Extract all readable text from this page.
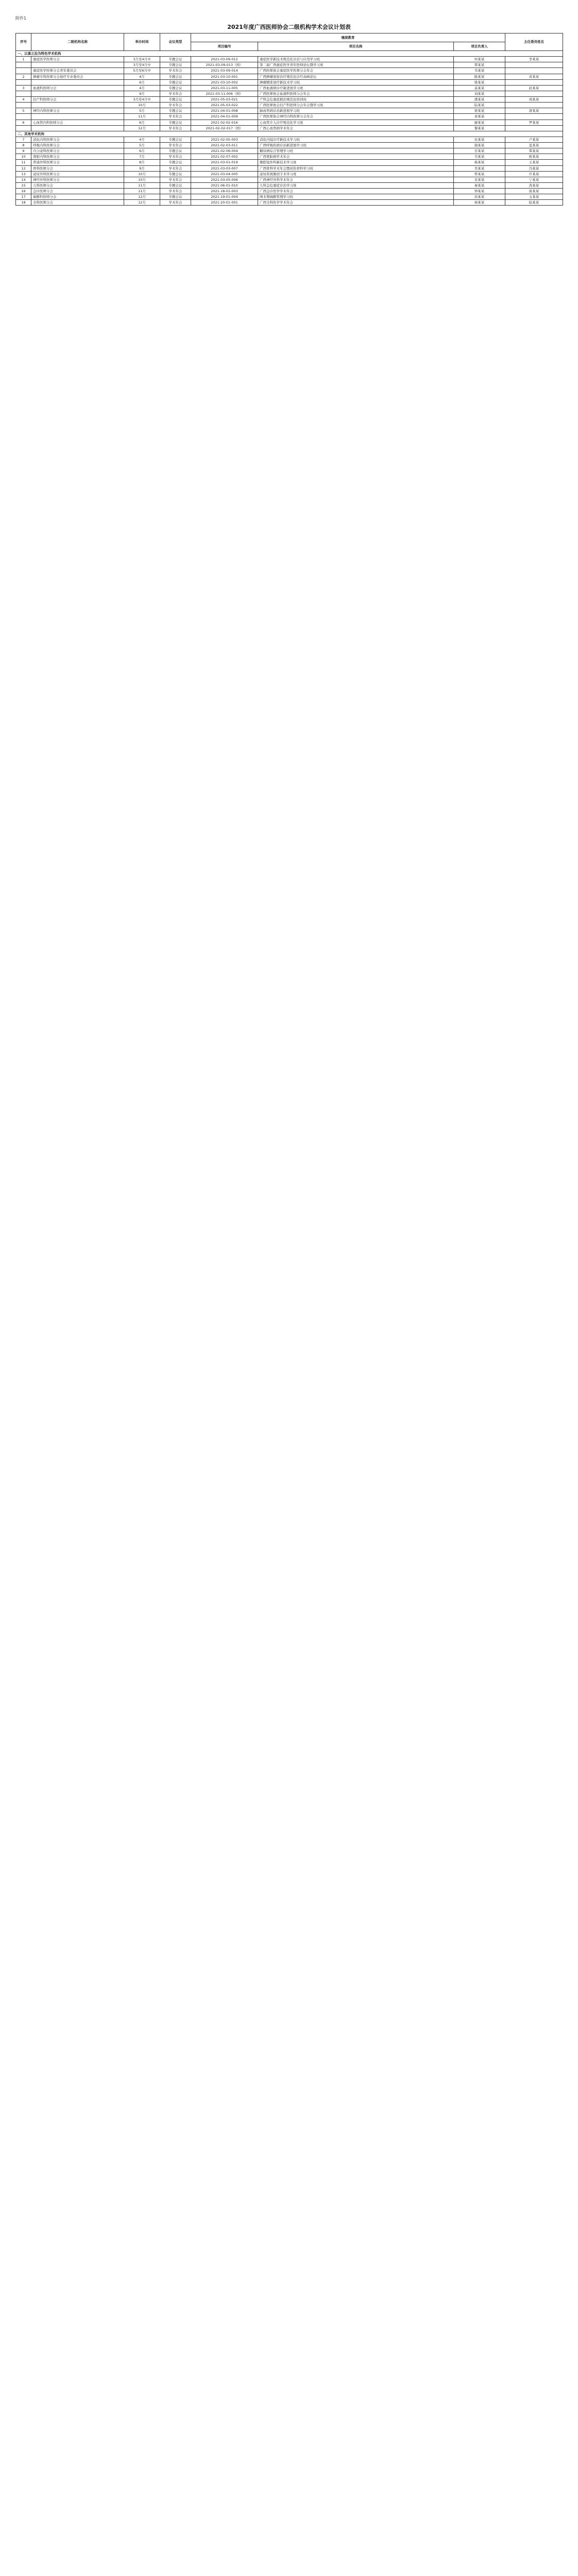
附件1
2021年度广西医师协会二级机构学术会议计划表
序号	二级机构名称	举办时间	会议类型	继续教育			主任委员姓名
				项目编号	项目名称	项目负责人	
一、以课之治为特色学术机构							
1	重症医学医师分会	3月至4月中	专题会议	2021-03-09-012	重症医学新技术规范化诊治与应用学习班	何某某	李某某
		3月至4月中	专题会议	2021-03-09-013（国）	第二届广西重症医学青年医师论坛暨学习班	覃某某	
	重症医学医师分会青年委员会	5月至6月中	学术年会	2021-03-09-014	广西医师协会重症医学医师分会年会	韦某某	
2	肿瘤专科医师分会放疗专业委员会	4月	专题会议	2021-03-10-001	广西肿瘤放射治疗规范化诊疗高峰论坛	陈某某	黄某某
		6月	专题会议	2021-03-10-002	肿瘤精准放疗新技术学习班	梁某某	
3	血液科医师分会	4月	专题会议	2021-03-11-005	广西血液病诊疗新进展学习班	莫某某	赵某某
		9月	学术年会	2021-03-11-006（国）	广西医师协会血液科医师分会年会	刘某某	
4	妇产科医师分会	3月至4月中	专题会议	2021-05-03-021	产科急危重症救治规范化培训班	潘某某	周某某
		10月	学术年会	2021-05-03-022	广西医师协会妇产科医师分会年会暨学习班	陆某某	
5	神经内科医师分会	5月	专题会议	2021-04-01-008	脑血管病诊治新进展学习班	蒙某某	唐某某
		11月	学术年会	2021-04-01-009	广西医师协会神经内科医师分会年会	邓某某	
6	心血管内科医师分会	6月	专题会议	2021-02-02-016	心血管介入诊疗规范化学习班	廖某某	罗某某
		12月	学术年会	2021-02-02-017（国）	广西心血管病学术年会	黎某某	
二、其他学术机构							
7	消化内科医师分会	4月	专题会议	2021-02-05-003	消化内镜诊疗新技术学习班	农某某	卢某某
8	呼吸内科医师分会	5月	学术年会	2021-02-03-011	广西呼吸疾病诊治新进展学习班	谢某某	蓝某某
9	内分泌科医师分会	6月	专题会议	2021-02-06-004	糖尿病综合管理学习班	甘某某	覃某某
10	肾脏内科医师分会	7月	学术年会	2021-02-07-002	广西肾脏病学术年会	韦某某	欧某某
11	普通外科医师分会	8月	专题会议	2021-03-01-019	腹腔镜外科新技术学习班	杨某某	王某某
12	骨科医师分会	9月	学术年会	2021-03-03-007	广西骨科学术年会暨创伤骨科学习班	吴某某	冯某某
13	泌尿外科医师分会	10月	专题会议	2021-03-04-005	泌尿系统微创手术学习班	曾某某	许某某
14	神经外科医师分会	10月	学术年会	2021-03-05-006	广西神经外科学术年会	麦某某	宁某某
15	儿科医师分会	11月	专题会议	2021-06-01-010	儿科急危重症诊治学习班	秦某某	冼某某
16	急诊医师分会	11月	学术年会	2021-18-01-003	广西急诊医学学术年会	钟某某	庞某某
17	麻醉科医师分会	12月	专题会议	2021-19-01-004	围术期麻醉管理学习班	苏某某	玉某某
18	全科医师分会	12月	学术年会	2021-20-01-001	广西全科医学学术年会	林某某	陆某某
